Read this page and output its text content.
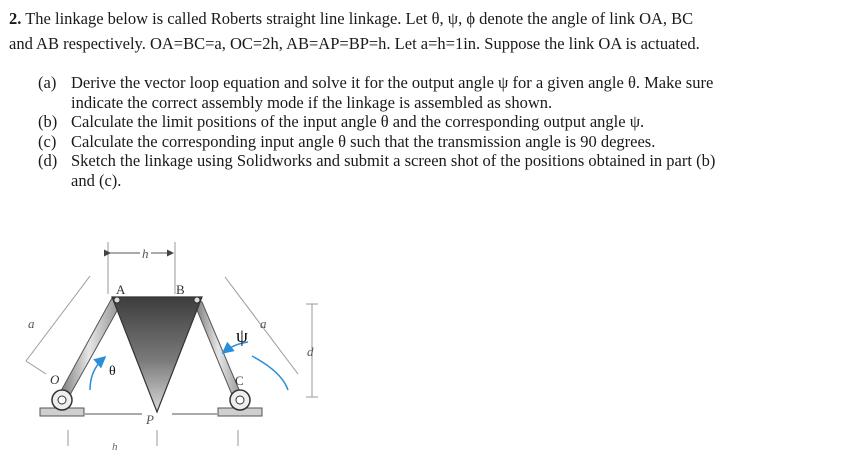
2. The linkage below is called Roberts straight line linkage. Let θ, ψ, ϕ denote the angle of link OA, BC
and AB respectively. OA=BC=a, OC=2h, AB=AP=BP=h. Let a=h=1in. Suppose the link OA is actuated.
(a) Derive the vector loop equation and solve it for the output angle ψ for a given angle θ. Make sure
indicate the correct assembly mode if the linkage is assembled as shown.
(b) Calculate the limit positions of the input angle θ and the corresponding output angle ψ.
(c) Calculate the corresponding input angle θ such that the transmission angle is 90 degrees.
(d) Sketch the linkage using Solidworks and submit a screen shot of the positions obtained in part (b)
and (c).
h
a	a
d
A	B
ψ
θ
O	C
P
h
